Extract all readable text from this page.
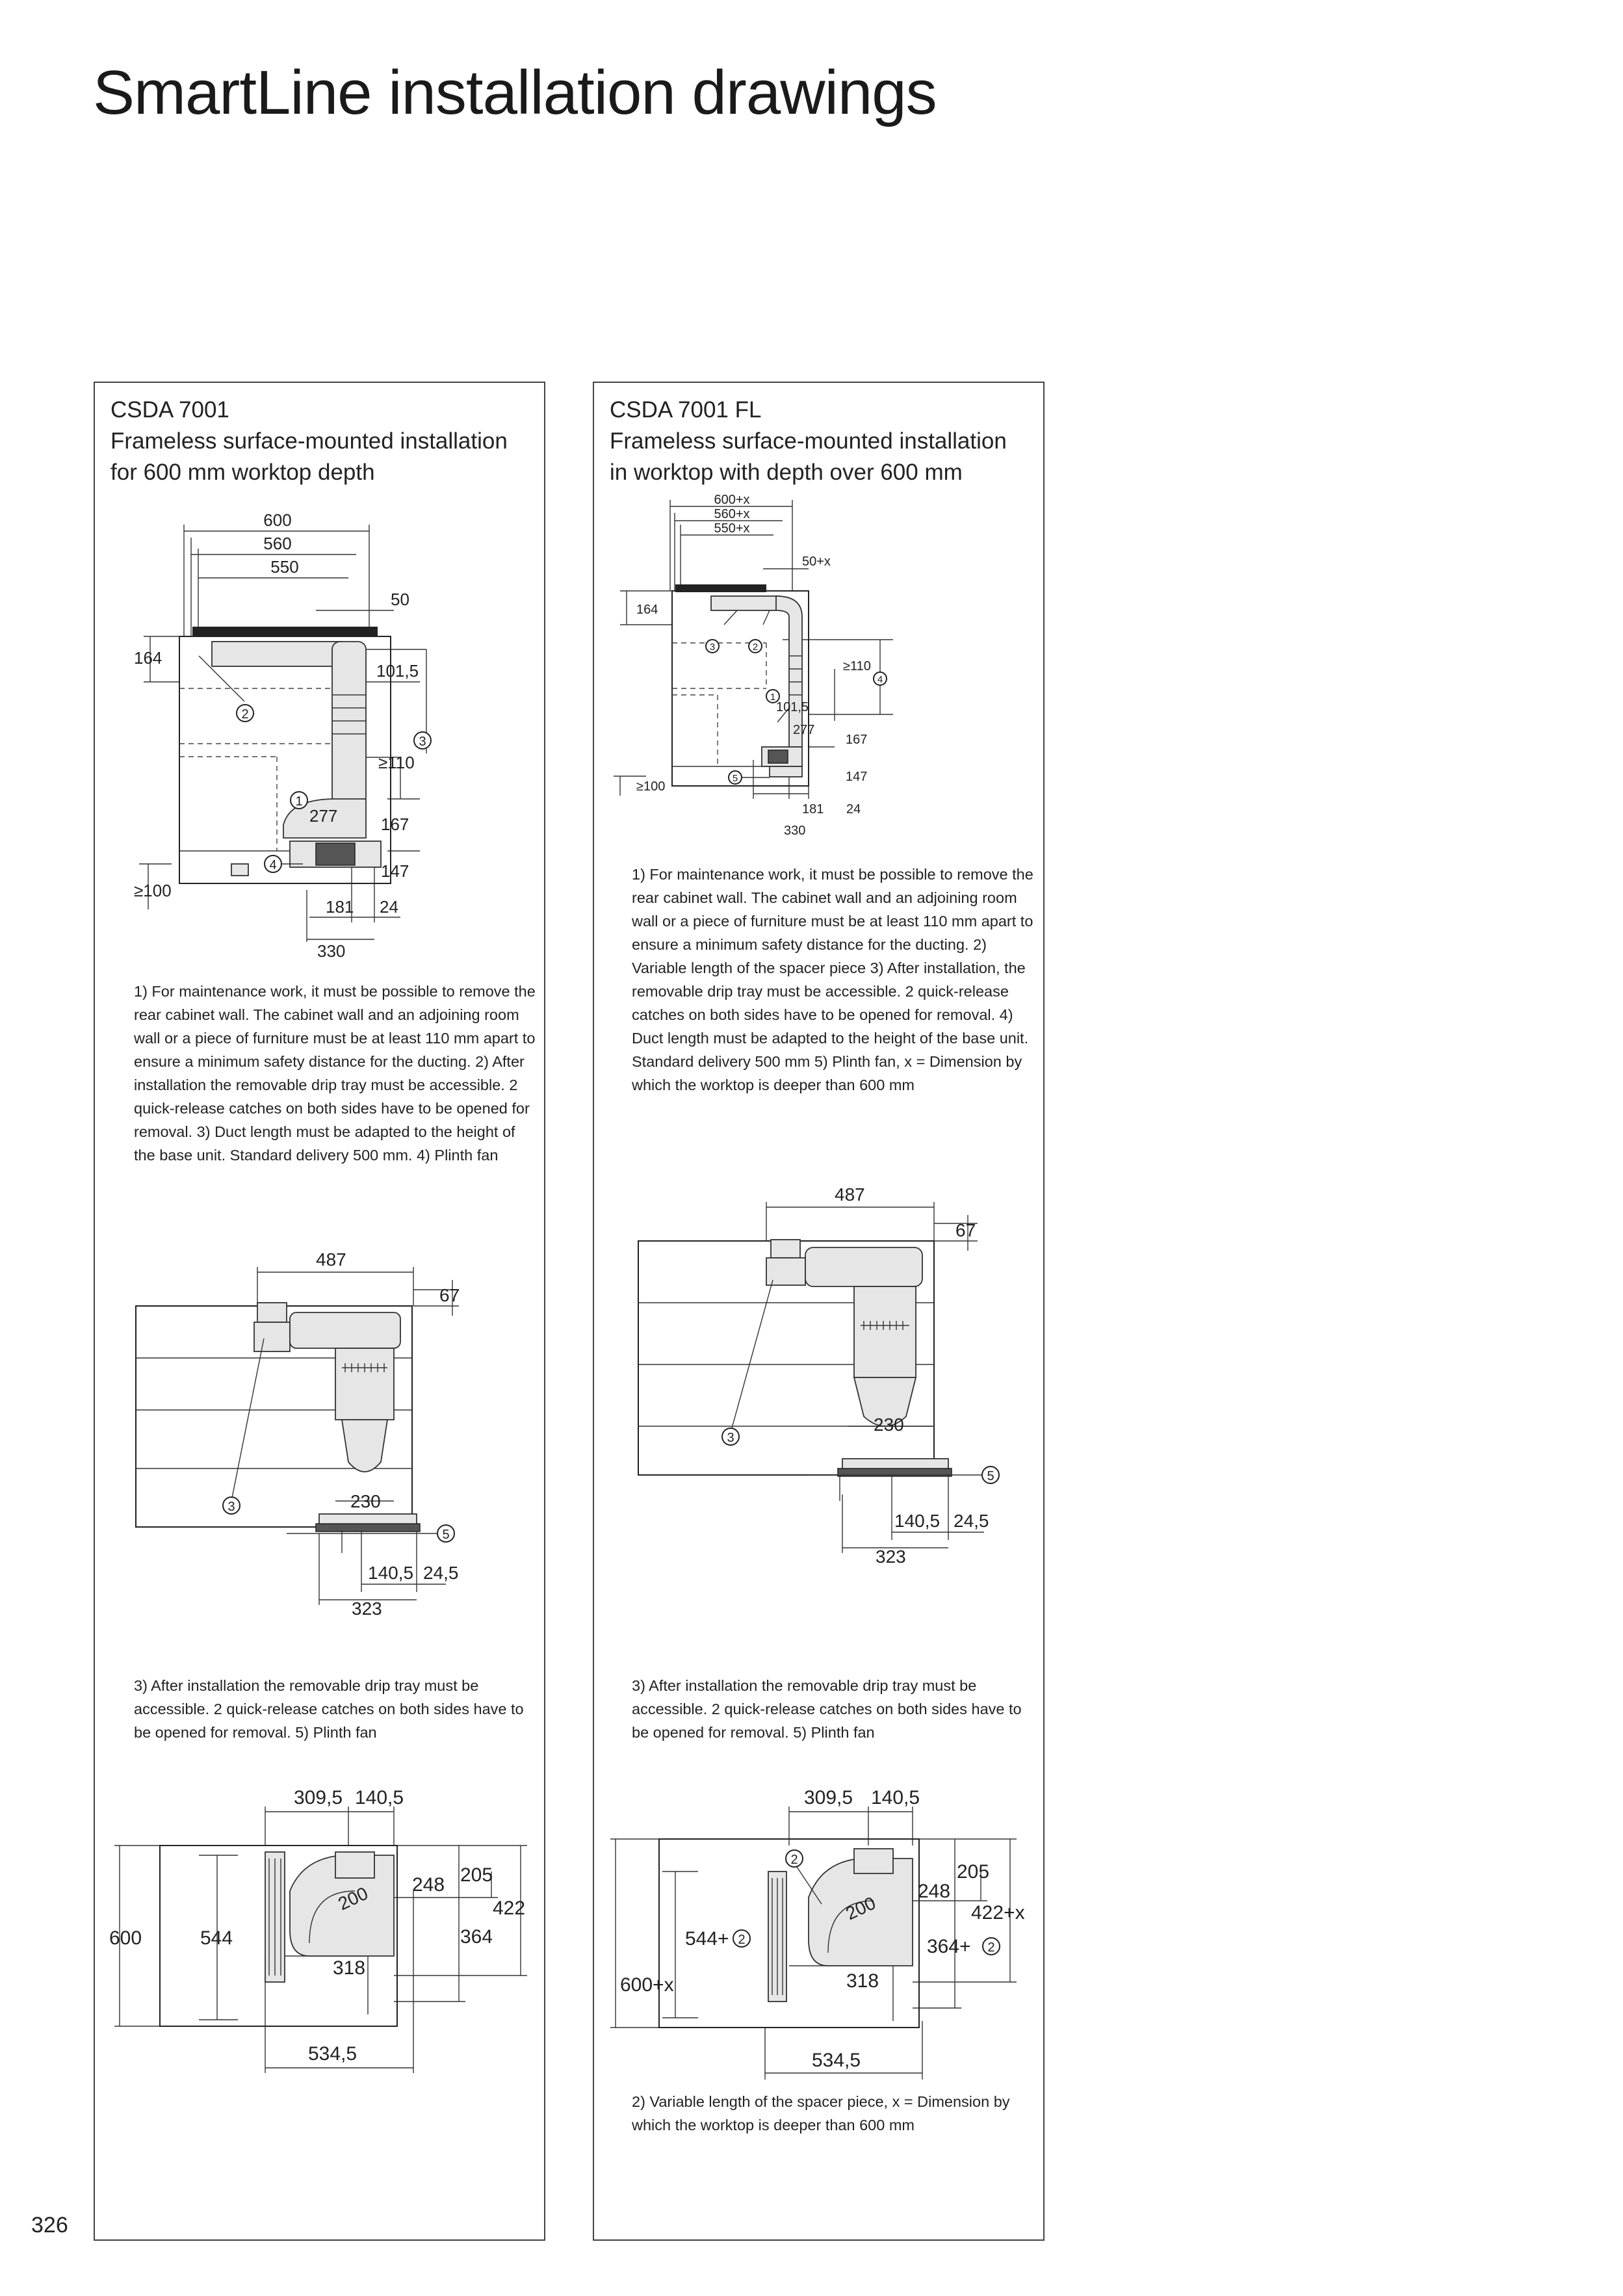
SmartLine installation drawings
CSDA 7001
Frameless surface-mounted installation
for 600 mm worktop depth
2
1
3
4
600
560
550
50
164
101,5
≥110
277	167
147
≥100
181 24
330
1) For maintenance work, it must be possible to remove the rear cabinet wall. The cabinet wall and an adjoining room wall or a piece of furniture must be at least 110 mm apart to ensure a minimum safety distance for the ducting. 2) After installation the removable drip tray must be accessible. 2 quick-release catches on both sides have to be opened for removal. 3) Duct length must be adapted to the height of the base unit. Standard delivery 500 mm. 4) Plinth fan
3
5
487
67
230
140,5 24,5
323
3) After installation the removable drip tray must be accessible. 2 quick-release catches on both sides have to be opened for removal. 5) Plinth fan
200
309,5 140,5
248 205
422
364
318
534,5
600	544
CSDA 7001 FL
Frameless surface-mounted installation
in worktop with depth over 600 mm
3	2
1
4
5
600+x
560+x
550+x
50+x
164
≥110
101,5
277
167
147
≥100
181 24
330
1) For maintenance work, it must be possible to remove the rear cabinet wall. The cabinet wall and an adjoining room wall or a piece of furniture must be at least 110 mm apart to ensure a minimum safety distance for the ducting. 2) Variable length of the spacer piece 3) After installation, the removable drip tray must be accessible. 2 quick-release catches on both sides have to be opened for removal. 4) Duct length must be adapted to the height of the base unit. Standard delivery 500 mm 5) Plinth fan, x = Dimension by which the worktop is deeper than 600 mm
3
5
487
67
230
140,5 24,5
323
3) After installation the removable drip tray must be accessible. 2 quick-release catches on both sides have to be opened for removal. 5) Plinth fan
2
200
309,5 140,5
248
205
422+x
364+ 2
318
534,5
600+x
544+ 2
2) Variable length of the spacer piece, x = Dimension by which the worktop is deeper than 600 mm
326
